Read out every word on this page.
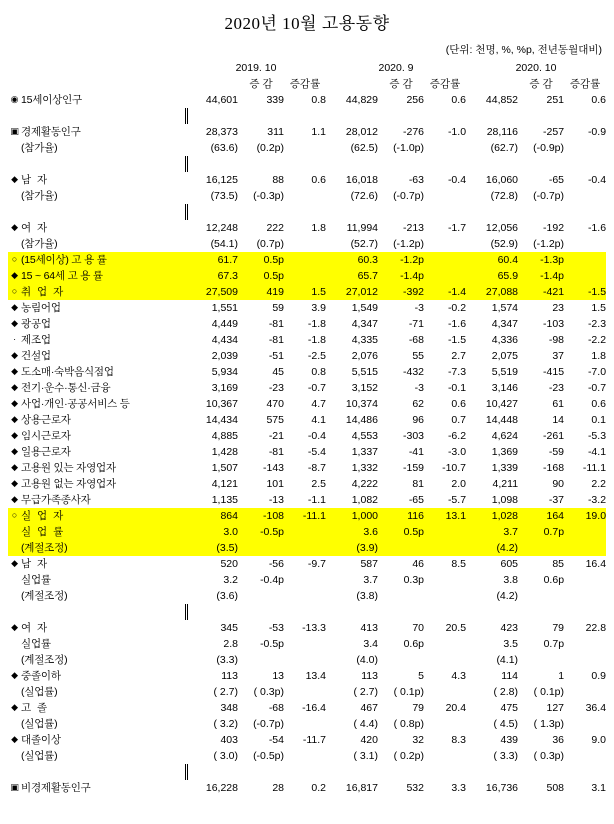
2020년 10월 고용동향
(단위: 천명, %, %p, 전년동월대비)
	2019. 10			2020. 9			2020. 10		
		증 감	증감률		증 감	증감률		증 감	증감률
◉ 15세이상인구	44,601	339	0.8	44,829	256	0.6	44,852	251	0.6

▣ 경제활동인구	28,373	311	1.1	28,012	-276	-1.0	28,116	-257	-0.9
(참가율)	(63.6)	(0.2p)		(62.5)	(-1.0p)		(62.7)	(-0.9p)	

◆ 남 자	16,125	88	0.6	16,018	-63	-0.4	16,060	-65	-0.4
(참가율)	(73.5)	(-0.3p)		(72.6)	(-0.7p)		(72.8)	(-0.7p)	

◆ 여 자	12,248	222	1.8	11,994	-213	-1.7	12,056	-192	-1.6
(참가율)	(54.1)	(0.7p)		(52.7)	(-1.2p)		(52.9)	(-1.2p)	
○ (15세이상) 고 용 률	61.7	0.5p		60.3	-1.2p		60.4	-1.3p	
◆ 15 ~ 64세 고 용 률	67.3	0.5p		65.7	-1.4p		65.9	-1.4p	
○ 취 업 자	27,509	419	1.5	27,012	-392	-1.4	27,088	-421	-1.5
◆ 농림어업	1,551	59	3.9	1,549	-3	-0.2	1,574	23	1.5
◆ 광공업	4,449	-81	-1.8	4,347	-71	-1.6	4,347	-103	-2.3
· 제조업	4,434	-81	-1.8	4,335	-68	-1.5	4,336	-98	-2.2
◆ 건설업	2,039	-51	-2.5	2,076	55	2.7	2,075	37	1.8
◆ 도소매·숙박음식점업	5,934	45	0.8	5,515	-432	-7.3	5,519	-415	-7.0
◆ 전기·운수·통신·금융	3,169	-23	-0.7	3,152	-3	-0.1	3,146	-23	-0.7
◆ 사업·개인·공공서비스 등	10,367	470	4.7	10,374	62	0.6	10,427	61	0.6
◆ 상용근로자	14,434	575	4.1	14,486	96	0.7	14,448	14	0.1
◆ 임시근로자	4,885	-21	-0.4	4,553	-303	-6.2	4,624	-261	-5.3
◆ 일용근로자	1,428	-81	-5.4	1,337	-41	-3.0	1,369	-59	-4.1
◆ 고용원 있는 자영업자	1,507	-143	-8.7	1,332	-159	-10.7	1,339	-168	-11.1
◆ 고용원 없는 자영업자	4,121	101	2.5	4,222	81	2.0	4,211	90	2.2
◆ 무급가족종사자	1,135	-13	-1.1	1,082	-65	-5.7	1,098	-37	-3.2
○ 실 업 자	864	-108	-11.1	1,000	116	13.1	1,028	164	19.0
실 업 률	3.0	-0.5p		3.6	0.5p		3.7	0.7p	
(계절조정)	(3.5)			(3.9)			(4.2)		
◆ 남 자	520	-56	-9.7	587	46	8.5	605	85	16.4
실업률	3.2	-0.4p		3.7	0.3p		3.8	0.6p	
(계절조정)	(3.6)			(3.8)			(4.2)		

◆ 여 자	345	-53	-13.3	413	70	20.5	423	79	22.8
실업률	2.8	-0.5p		3.4	0.6p		3.5	0.7p	
(계절조정)	(3.3)			(4.0)			(4.1)		
◆ 중졸이하	113	13	13.4	113	5	4.3	114	1	0.9
(실업률)	( 2.7)	( 0.3p)		( 2.7)	( 0.1p)		( 2.8)	( 0.1p)	
◆ 고 졸	348	-68	-16.4	467	79	20.4	475	127	36.4
(실업률)	( 3.2)	(-0.7p)		( 4.4)	( 0.8p)		( 4.5)	( 1.3p)	
◆ 대졸이상	403	-54	-11.7	420	32	8.3	439	36	9.0
(실업률)	( 3.0)	(-0.5p)		( 3.1)	( 0.2p)		( 3.3)	( 0.3p)	

▣ 비경제활동인구	16,228	28	0.2	16,817	532	3.3	16,736	508	3.1
